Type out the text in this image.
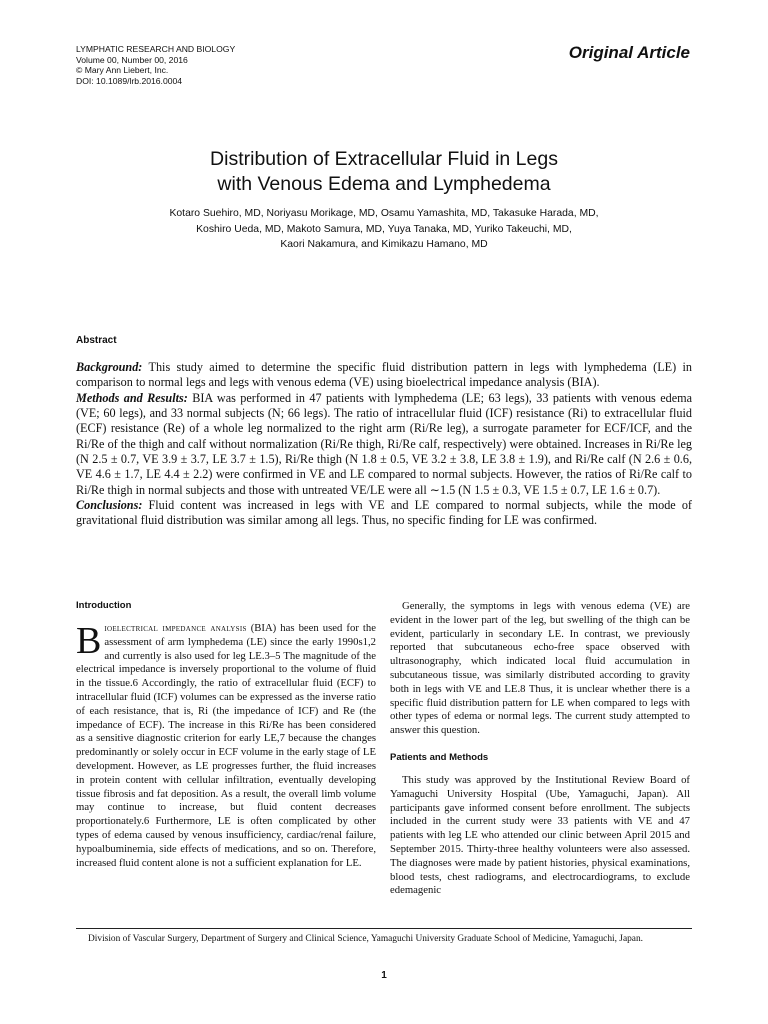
LYMPHATIC RESEARCH AND BIOLOGY
Volume 00, Number 00, 2016
© Mary Ann Liebert, Inc.
DOI: 10.1089/lrb.2016.0004
Original Article
Distribution of Extracellular Fluid in Legs
with Venous Edema and Lymphedema
Kotaro Suehiro, MD, Noriyasu Morikage, MD, Osamu Yamashita, MD, Takasuke Harada, MD,
Koshiro Ueda, MD, Makoto Samura, MD, Yuya Tanaka, MD, Yuriko Takeuchi, MD,
Kaori Nakamura, and Kimikazu Hamano, MD
Abstract

Background: This study aimed to determine the specific fluid distribution pattern in legs with lymphedema (LE) in comparison to normal legs and legs with venous edema (VE) using bioelectrical impedance analysis (BIA).

Methods and Results: BIA was performed in 47 patients with lymphedema (LE; 63 legs), 33 patients with venous edema (VE; 60 legs), and 33 normal subjects (N; 66 legs). The ratio of intracellular fluid (ICF) resistance (Ri) to extracellular fluid (ECF) resistance (Re) of a whole leg normalized to the right arm (Ri/Re leg), a surrogate parameter for ECF/ICF, and the Ri/Re of the thigh and calf without normalization (Ri/Re thigh, Ri/Re calf, respectively) were obtained. Increases in Ri/Re leg (N 2.5 ± 0.7, VE 3.9 ± 3.7, LE 3.7 ± 1.5), Ri/Re thigh (N 1.8 ± 0.5, VE 3.2 ± 3.8, LE 3.8 ± 1.9), and Ri/Re calf (N 2.6 ± 0.6, VE 4.6 ± 1.7, LE 4.4 ± 2.2) were confirmed in VE and LE compared to normal subjects. However, the ratios of Ri/Re calf to Ri/Re thigh in normal subjects and those with untreated VE/LE were all ∼1.5 (N 1.5 ± 0.3, VE 1.5 ± 0.7, LE 1.6 ± 0.7).

Conclusions: Fluid content was increased in legs with VE and LE compared to normal subjects, while the mode of gravitational fluid distribution was similar among all legs. Thus, no specific finding for LE was confirmed.

Introduction

Bioelectrical impedance analysis (BIA) has been used for the assessment of arm lymphedema (LE) since the early 1990s1,2 and currently is also used for leg LE.3–5 The magnitude of the electrical impedance is inversely proportional to the volume of fluid in the tissue.6 Accordingly, the ratio of extracellular fluid (ECF) to intracellular fluid (ICF) volumes can be expressed as the inverse ratio of each resistance, that is, Ri (the impedance of ICF) and Re (the impedance of ECF). The increase in this Ri/Re has been considered as a sensitive diagnostic criterion for early LE,7 because the changes predominantly or solely occur in ECF volume in the early stage of LE development. However, as LE progresses further, the fluid increases in protein content with cellular infiltration, eventually developing tissue fibrosis and fat deposition. As a result, the overall limb volume may continue to increase, but fluid content decreases proportionately.6 Furthermore, LE is often complicated by other types of edema caused by venous insufficiency, cardiac/renal failure, hypoalbuminemia, side effects of medications, and so on. Therefore, increased fluid content alone is not a sufficient explanation for LE.

Generally, the symptoms in legs with venous edema (VE) are evident in the lower part of the leg, but swelling of the thigh can be evident, particularly in secondary LE. In contrast, we previously reported that subcutaneous echo-free space observed with ultrasonography, which indicated local fluid accumulation in subcutaneous tissue, was similarly distributed according to gravity both in legs with VE and LE.8 Thus, it is unclear whether there is a specific fluid distribution pattern for LE when compared to legs with other types of edema or normal legs. The current study attempted to answer this question.

Patients and Methods

This study was approved by the Institutional Review Board of Yamaguchi University Hospital (Ube, Yamaguchi, Japan). All participants gave informed consent before enrollment. The subjects included in the current study were 33 patients with VE and 47 patients with leg LE who attended our clinic between April 2015 and September 2015. Thirty-three healthy volunteers were also assessed. The diagnoses were made by patient histories, physical examinations, blood tests, chest radiograms, and electrocardiograms, to exclude edemagenic

Division of Vascular Surgery, Department of Surgery and Clinical Science, Yamaguchi University Graduate School of Medicine, Yamaguchi, Japan.
1
